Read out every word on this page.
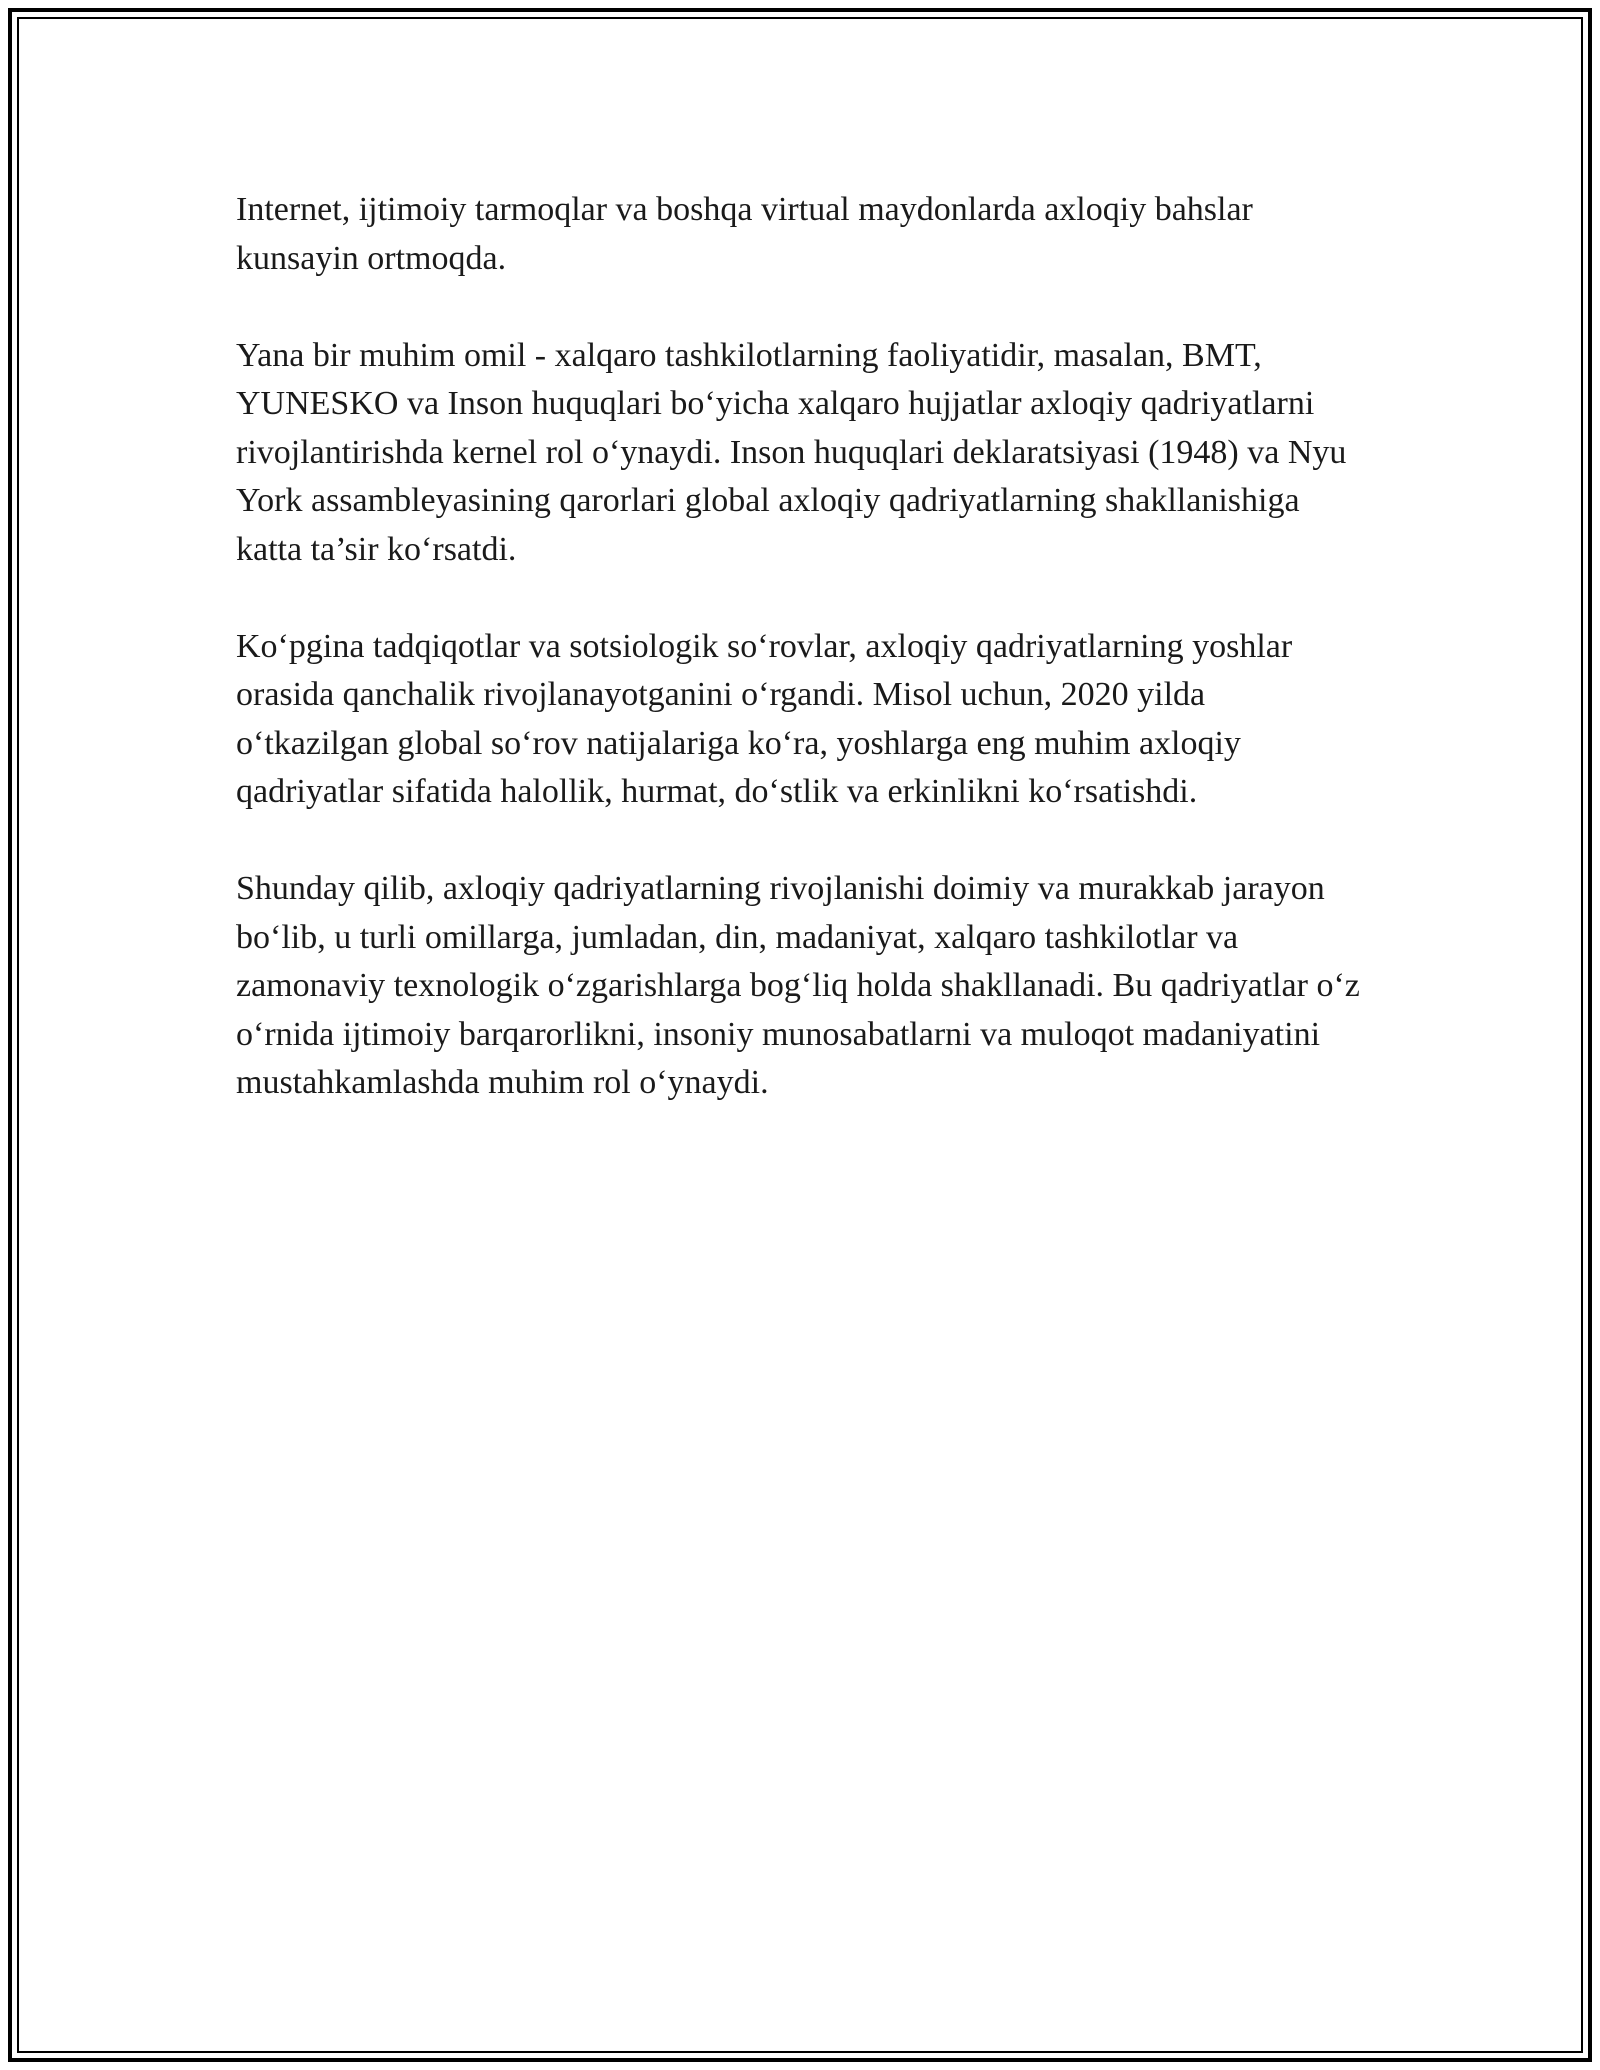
Internet, ijtimoiy tarmoqlar va boshqa virtual maydonlarda axloqiy bahslar kunsayin ortmoqda.

Yana bir muhim omil - xalqaro tashkilotlarning faoliyatidir, masalan, BMT, YUNESKO va Inson huquqlari bo‘yicha xalqaro hujjatlar axloqiy qadriyatlarni rivojlantirishda kernel rol o‘ynaydi. Inson huquqlari deklaratsiyasi (1948) va Nyu York assambleyasining qarorlari global axloqiy qadriyatlarning shakllanishiga katta ta’sir ko‘rsatdi.

Ko‘pgina tadqiqotlar va sotsiologik so‘rovlar, axloqiy qadriyatlarning yoshlar orasida qanchalik rivojlanayotganini o‘rgandi. Misol uchun, 2020 yilda o‘tkazilgan global so‘rov natijalariga ko‘ra, yoshlarga eng muhim axloqiy qadriyatlar sifatida halollik, hurmat, do‘stlik va erkinlikni ko‘rsatishdi.

Shunday qilib, axloqiy qadriyatlarning rivojlanishi doimiy va murakkab jarayon bo‘lib, u turli omillarga, jumladan, din, madaniyat, xalqaro tashkilotlar va zamonaviy texnologik o‘zgarishlarga bog‘liq holda shakllanadi. Bu qadriyatlar o‘z o‘rnida ijtimoiy barqarorlikni, insoniy munosabatlarni va muloqot madaniyatini mustahkamlashda muhim rol o‘ynaydi.
